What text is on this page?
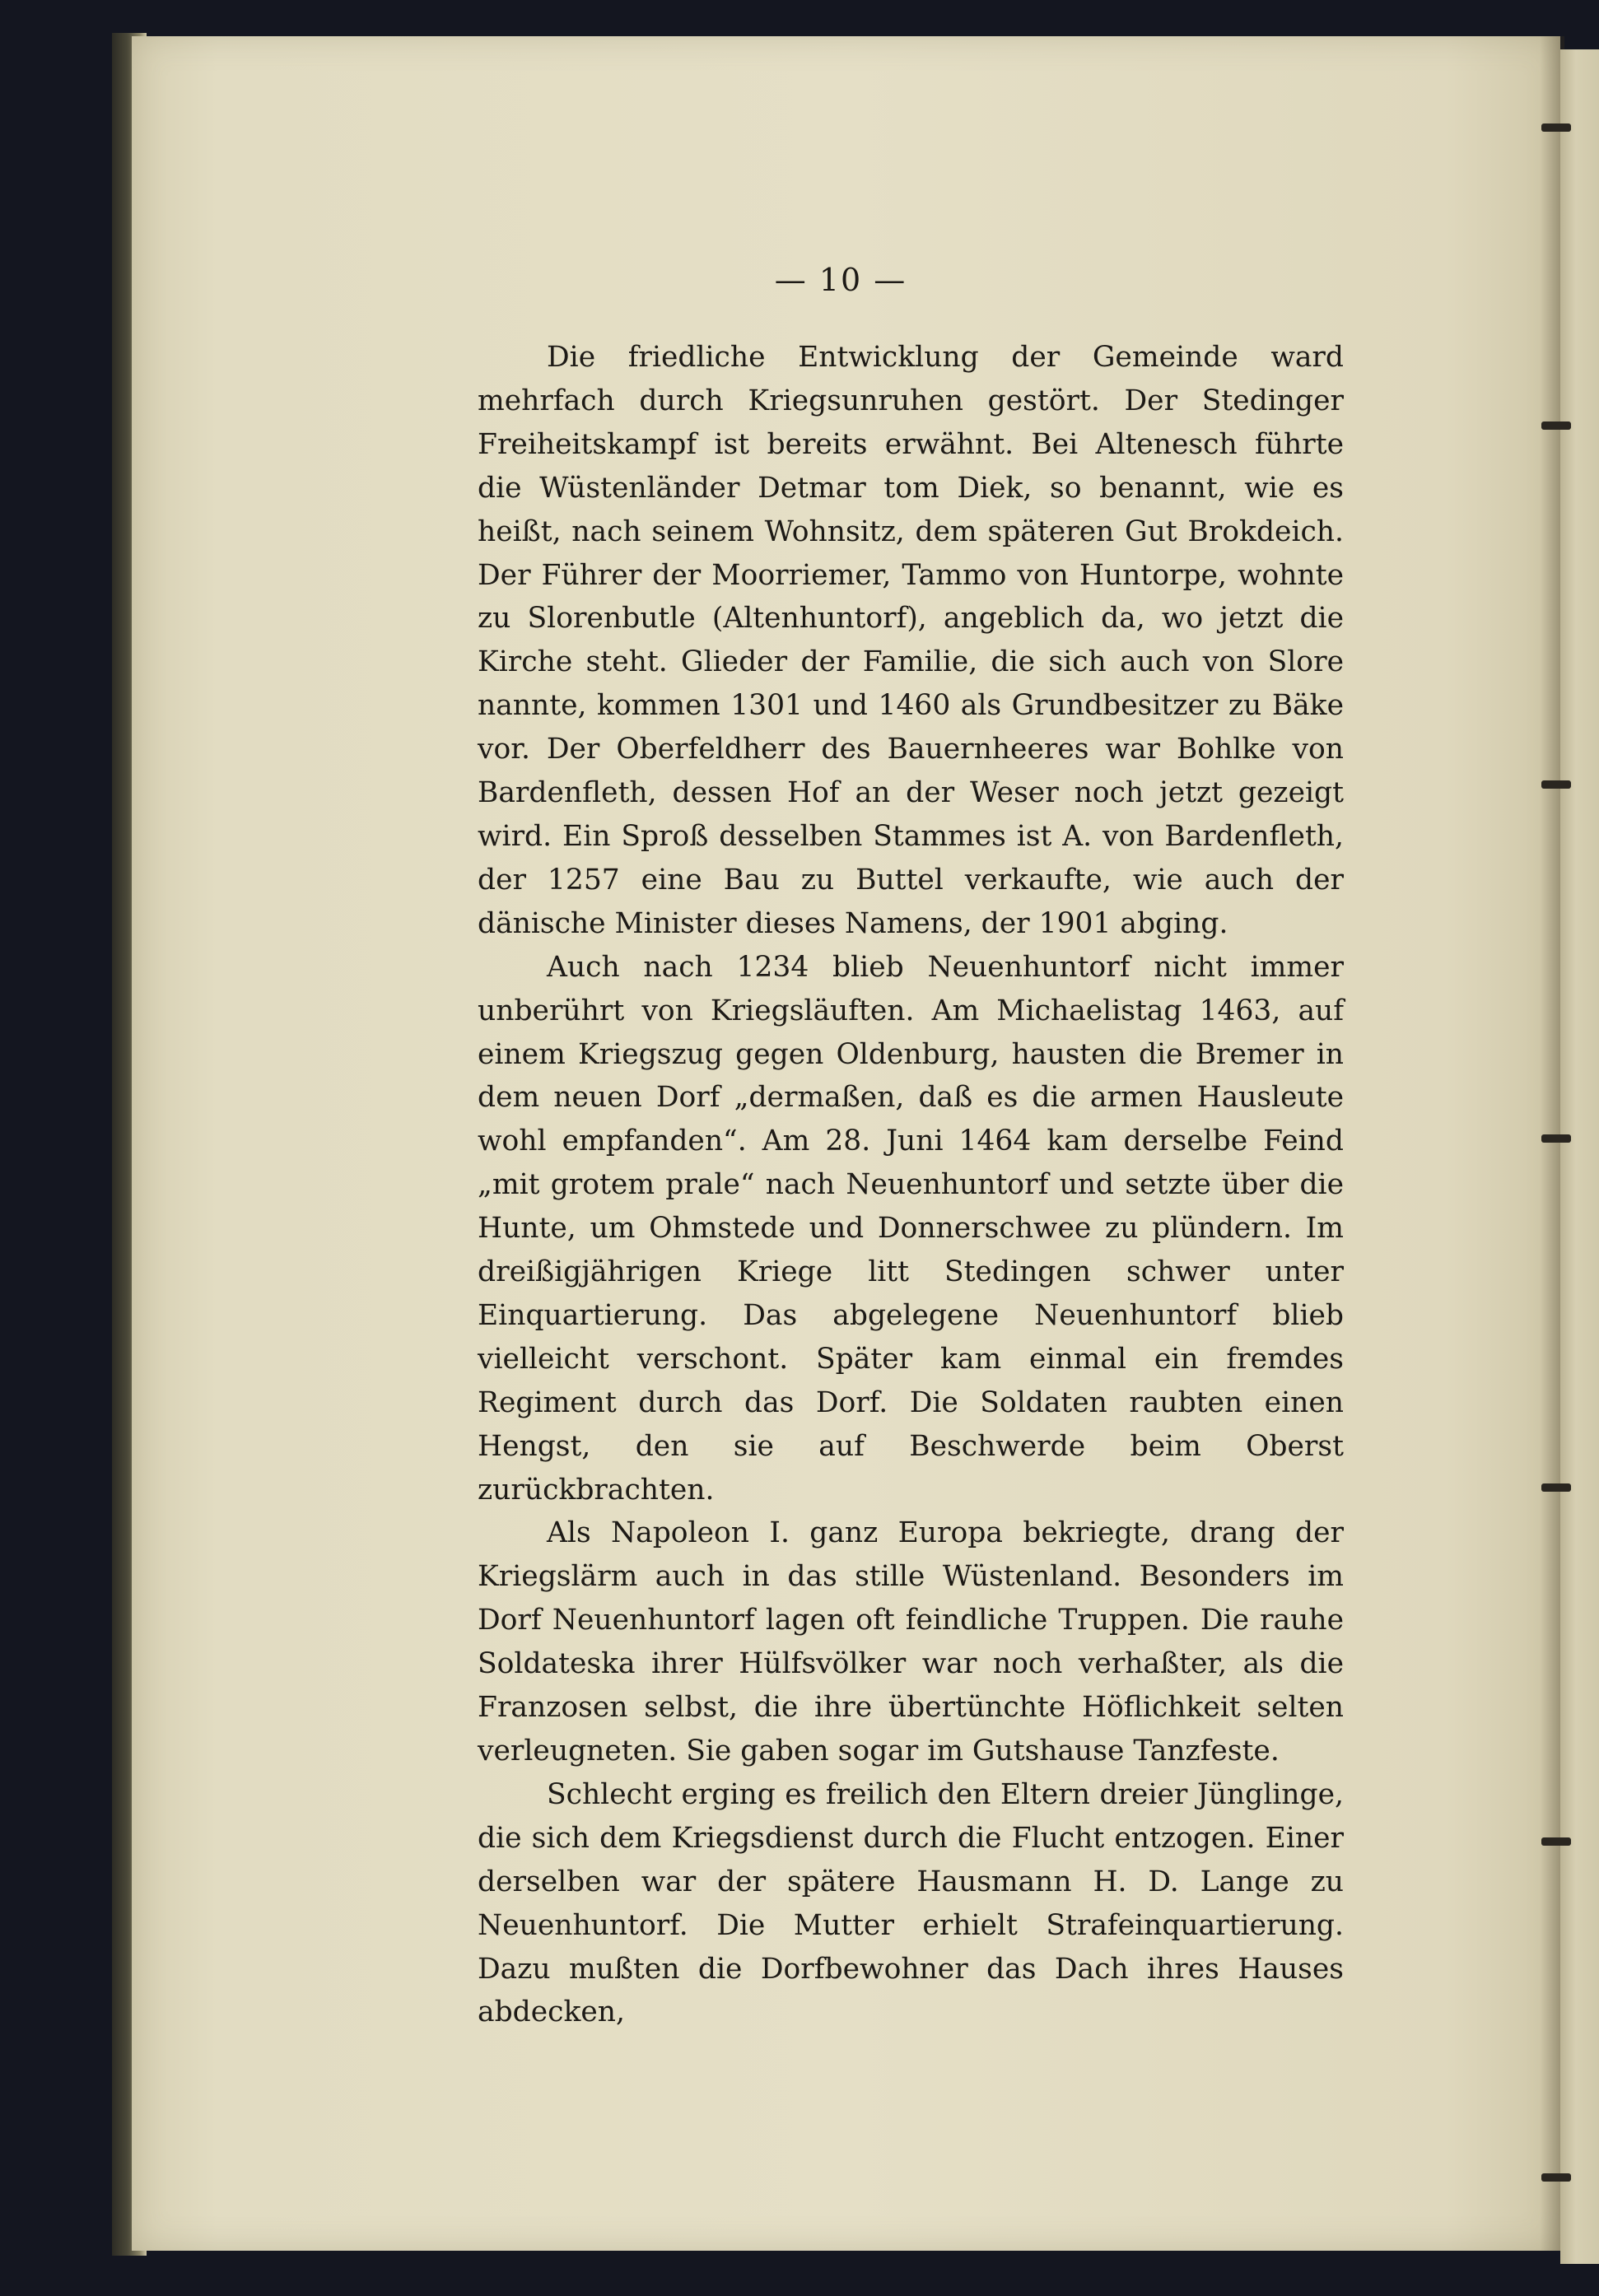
— 10 —

Die friedliche Entwicklung der Gemeinde ward mehrfach durch Kriegsunruhen gestört. Der Stedinger Freiheitskampf ist bereits erwähnt. Bei Altenesch führte die Wüstenländer Detmar tom Diek, so benannt, wie es heißt, nach seinem Wohnsitz, dem späteren Gut Brokdeich. Der Führer der Moorriemer, Tammo von Huntorpe, wohnte zu Slorenbutle (Altenhuntorf), angeblich da, wo jetzt die Kirche steht. Glieder der Familie, die sich auch von Slore nannte, kommen 1301 und 1460 als Grundbesitzer zu Bäke vor. Der Oberfeldherr des Bauernheeres war Bohlke von Bardenfleth, dessen Hof an der Weser noch jetzt gezeigt wird. Ein Sproß desselben Stammes ist A. von Bardenfleth, der 1257 eine Bau zu Buttel verkaufte, wie auch der dänische Minister dieses Namens, der 1901 abging.

Auch nach 1234 blieb Neuenhuntorf nicht immer unberührt von Kriegsläuften. Am Michaelistag 1463, auf einem Kriegszug gegen Oldenburg, hausten die Bremer in dem neuen Dorf „dermaßen, daß es die armen Hausleute wohl empfanden“. Am 28. Juni 1464 kam derselbe Feind „mit grotem prale“ nach Neuenhuntorf und setzte über die Hunte, um Ohmstede und Donnerschwee zu plündern. Im dreißigjährigen Kriege litt Stedingen schwer unter Einquartierung. Das abgelegene Neuenhuntorf blieb vielleicht verschont. Später kam einmal ein fremdes Regiment durch das Dorf. Die Soldaten raubten einen Hengst, den sie auf Beschwerde beim Oberst zurückbrachten.

Als Napoleon I. ganz Europa bekriegte, drang der Kriegslärm auch in das stille Wüstenland. Besonders im Dorf Neuenhuntorf lagen oft feindliche Truppen. Die rauhe Soldateska ihrer Hülfsvölker war noch verhaßter, als die Franzosen selbst, die ihre übertünchte Höflichkeit selten verleugneten. Sie gaben sogar im Gutshause Tanzfeste.

Schlecht erging es freilich den Eltern dreier Jünglinge, die sich dem Kriegsdienst durch die Flucht entzogen. Einer derselben war der spätere Hausmann H. D. Lange zu Neuenhuntorf. Die Mutter erhielt Strafeinquartierung. Dazu mußten die Dorfbewohner das Dach ihres Hauses abdecken,
